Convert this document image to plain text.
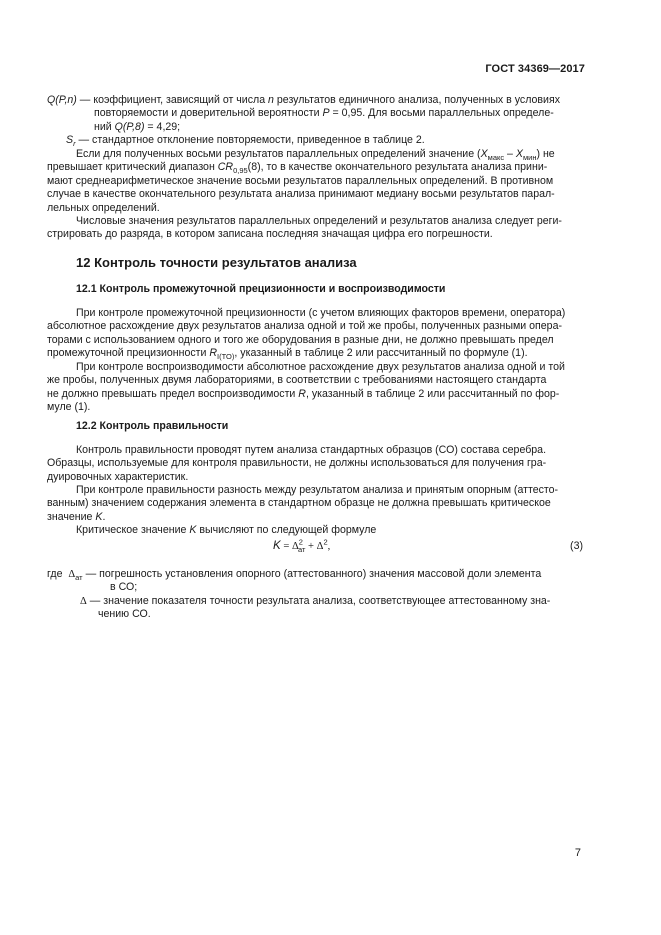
ГОСТ 34369—2017
Q(P,n) — коэффициент, зависящий от числа n результатов единичного анализа, полученных в условиях
повторяемости и доверительной вероятности P = 0,95. Для восьми параллельных определе-
ний Q(P,8) = 4,29;
$S_r$ — стандартное отклонение повторяемости, приведенное в таблице 2.
Если для полученных восьми результатов параллельных определений значение $(X_{макс} - X_{мин})$ не
превышает критический диапазон $CR_{0,95}(8)$, то в качестве окончательного результата анализа прини-
мают среднеарифметическое значение восьми результатов параллельных определений. В противном
случае в качестве окончательного результата анализа принимают медиану восьми результатов парал-
лельных определений.
Числовые значения результатов параллельных определений и результатов анализа следует реги-
стрировать до разряда, в котором записана последняя значащая цифра его погрешности.
12 Контроль точности результатов анализа
12.1 Контроль промежуточной прецизионности и воспроизводимости
При контроле промежуточной прецизионности (с учетом влияющих факторов времени, оператора)
абсолютное расхождение двух результатов анализа одной и той же пробы, полученных разными опера-
торами с использованием одного и того же оборудования в разные дни, не должно превышать предел
промежуточной прецизионности $R_{I(TO)}$, указанный в таблице 2 или рассчитанный по формуле (1).
При контроле воспроизводимости абсолютное расхождение двух результатов анализа одной и той
же пробы, полученных двумя лабораториями, в соответствии с требованиями настоящего стандарта
не должно превышать предел воспроизводимости R, указанный в таблице 2 или рассчитанный по фор-
муле (1).
12.2 Контроль правильности
Контроль правильности проводят путем анализа стандартных образцов (СО) состава серебра.
Образцы, используемые для контроля правильности, не должны использоваться для получения гра-
дуировочных характеристик.
При контроле правильности разность между результатом анализа и принятым опорным (аттесто-
ванным) значением содержания элемента в стандартном образце не должна превышать критическое
значение K.
Критическое значение K вычисляют по следующей формуле
$K = \Delta^2_{ат} + \Delta^2$,	(3)
где $\Delta_{ат}$ — погрешность установления опорного (аттестованного) значения массовой доли элемента
в СО;
Δ — значение показателя точности результата анализа, соответствующее аттестованному зна-
чению СО.
7
